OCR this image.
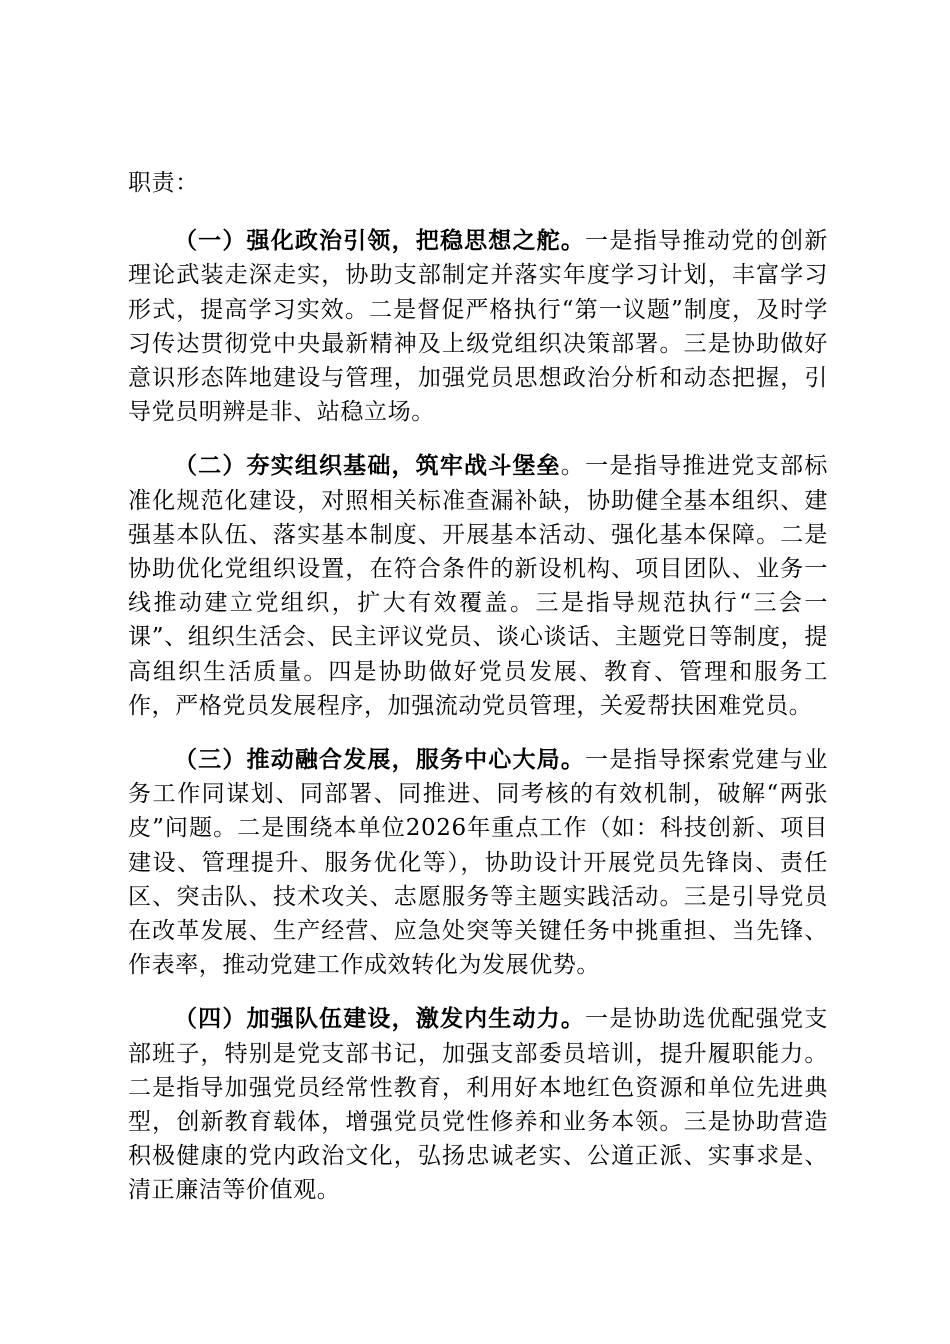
职责：

（一）强化政治引领，把稳思想之舵。一是指导推动党的创新理论武装走深走实，协助支部制定并落实年度学习计划，丰富学习形式，提高学习实效。二是督促严格执行“第一议题”制度，及时学习传达贯彻党中央最新精神及上级党组织决策部署。三是协助做好意识形态阵地建设与管理，加强党员思想政治分析和动态把握，引导党员明辨是非、站稳立场。

（二）夯实组织基础，筑牢战斗堡垒。一是指导推进党支部标准化规范化建设，对照相关标准查漏补缺，协助健全基本组织、建强基本队伍、落实基本制度、开展基本活动、强化基本保障。二是协助优化党组织设置，在符合条件的新设机构、项目团队、业务一线推动建立党组织，扩大有效覆盖。三是指导规范执行“三会一课”、组织生活会、民主评议党员、谈心谈话、主题党日等制度，提高组织生活质量。四是协助做好党员发展、教育、管理和服务工作，严格党员发展程序，加强流动党员管理，关爱帮扶困难党员。

（三）推动融合发展，服务中心大局。一是指导探索党建与业务工作同谋划、同部署、同推进、同考核的有效机制，破解“两张皮”问题。二是围绕本单位2026年重点工作（如：科技创新、项目建设、管理提升、服务优化等），协助设计开展党员先锋岗、责任区、突击队、技术攻关、志愿服务等主题实践活动。三是引导党员在改革发展、生产经营、应急处突等关键任务中挑重担、当先锋、作表率，推动党建工作成效转化为发展优势。

（四）加强队伍建设，激发内生动力。一是协助选优配强党支部班子，特别是党支部书记，加强支部委员培训，提升履职能力。二是指导加强党员经常性教育，利用好本地红色资源和单位先进典型，创新教育载体，增强党员党性修养和业务本领。三是协助营造积极健康的党内政治文化，弘扬忠诚老实、公道正派、实事求是、清正廉洁等价值观。
